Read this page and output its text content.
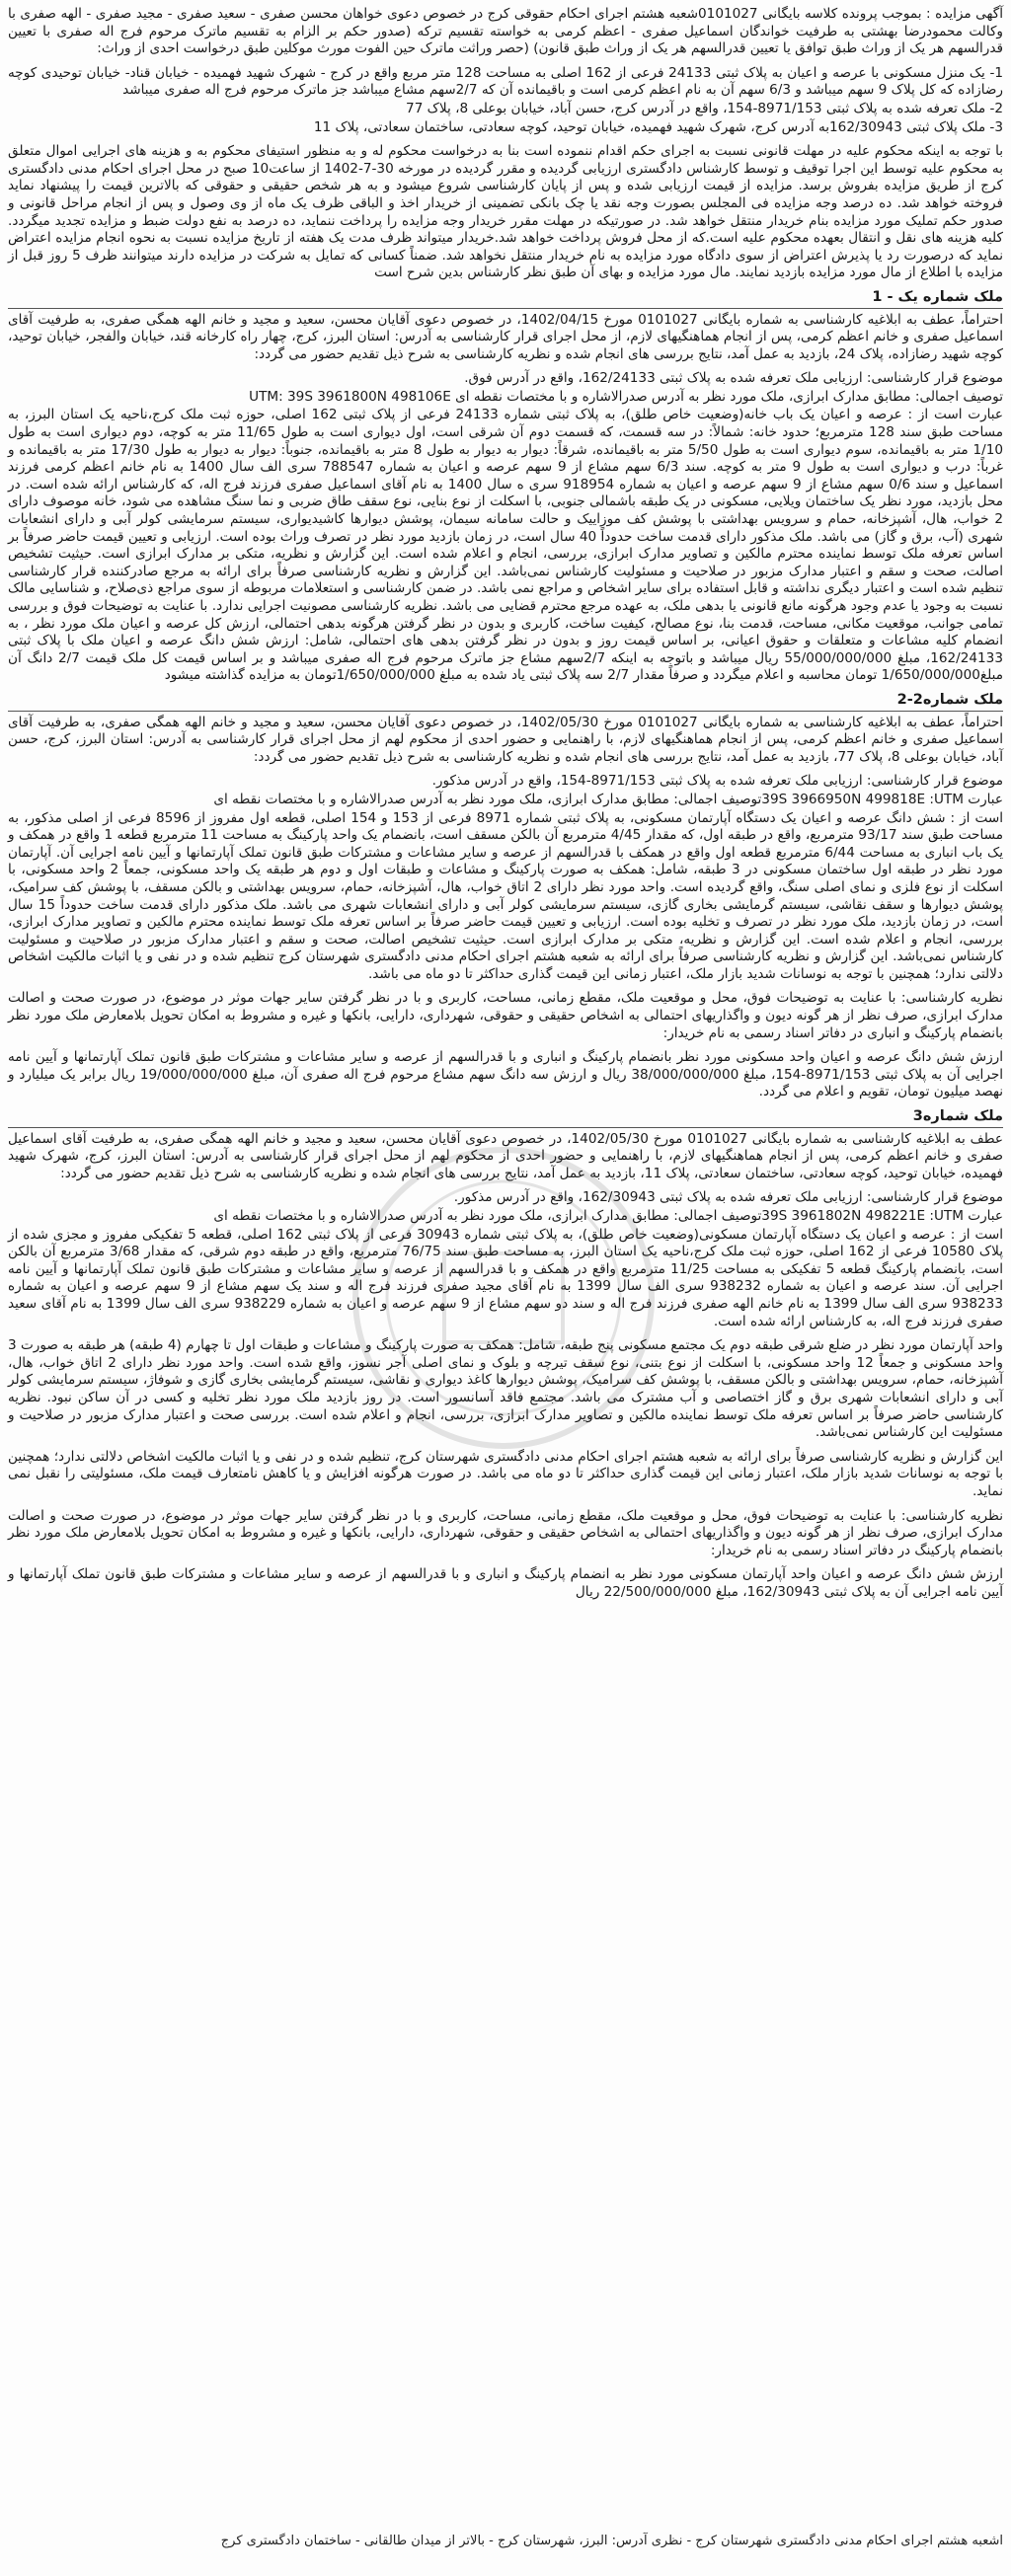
آگهی مزایده : بموجب پرونده کلاسه بایگانی 0101027شعبه هشتم اجرای احکام حقوقی کرج در خصوص دعوی خواهان محسن صفری - سعید صفری - مجید صفری - الهه صفری با وکالت محمودرضا بهشتی به طرفیت خواندگان اسماعیل صفری - اعظم کرمی به خواسته تقسیم ترکه (صدور حکم بر الزام به تقسیم ماترک مرحوم فرج اله صفری با تعیین قدرالسهم هر یک از وراث طبق توافق یا تعیین قدرالسهم هر یک از وراث طبق قانون) (حصر وراثت ماترک حین الفوت مورث موکلین طبق درخواست احدی از وراث:

1- یک منزل مسکونی با عرصه و اعیان به پلاک ثبتی 24133 فرعی از 162 اصلی به مساحت 128 متر مربع واقع در کرج - شهرک شهید فهمیده - خیابان قناد- خیابان توحیدی کوچه رضازاده که کل پلاک 9 سهم میباشد و 6/3 سهم آن به نام اعظم کرمی است و باقیمانده آن که 2/7سهم مشاع میباشد جز ماترک مرحوم فرج اله صفری میباشد

2- ملک تعرفه شده به پلاک ثبتی 8971/153-154، واقع در آدرس کرج، حسن آباد، خیابان بوعلی 8، پلاک 77

3- ملک پلاک ثبتی 162/30943به آدرس کرج، شهرک شهید فهمیده، خیابان توحید، کوچه سعادتی، ساختمان سعادتی، پلاک 11

با توجه به اینکه محکوم علیه در مهلت قانونی نسبت به اجرای حکم اقدام ننموده است بنا به درخواست محکوم له و به منظور استیفای محکوم به و هزینه های اجرایی اموال متعلق به محکوم علیه توسط این اجرا توقیف و توسط کارشناس دادگستری ارزیابی گردیده و مقرر گردیده در مورخه 30-7-1402 از ساعت10 صبح در محل اجرای احکام مدنی دادگستری کرج از طریق مزایده بفروش برسد. مزایده از قیمت ارزیابی شده و پس از پایان کارشناسی شروع میشود و به هر شخص حقیقی و حقوقی که بالاترین قیمت را پیشنهاد نماید فروخته خواهد شد. ده درصد وجه مزایده فی المجلس بصورت وجه نقد یا چک بانکی تضمینی از خریدار اخذ و الباقی ظرف یک ماه از وی وصول و پس از انجام مراحل قانونی و صدور حکم تملیک مورد مزایده بنام خریدار منتقل خواهد شد. در صورتیکه در مهلت مقرر خریدار وجه مزایده را پرداخت ننماید، ده درصد به نفع دولت ضبط و مزایده تجدید میگردد. کلیه هزینه های نقل و انتقال بعهده محکوم علیه است.که از محل فروش پرداخت خواهد شد.خریدار میتواند ظرف مدت یک هفته از تاریخ مزایده نسبت به نحوه انجام مزایده اعتراض نماید که درصورت رد یا پذیرش اعتراض از سوی دادگاه مورد مزایده به نام خریدار منتقل نخواهد شد. ضمناً کسانی که تمایل به شرکت در مزایده دارند میتوانند ظرف 5 روز قبل از مزایده با اطلاع از مال مورد مزایده بازدید نمایند. مال مورد مزایده و بهای آن طبق نظر کارشناس بدین شرح است

ملک شماره یک - 1

احتراماً، عطف به ابلاغیه کارشناسی به شماره بایگانی 0101027 مورخ 1402/04/15، در خصوص دعوی آقایان محسن، سعید و مجید و خانم الهه همگی صفری، به طرفیت آقای اسماعیل صفری و خانم اعظم کرمی، پس از انجام هماهنگیهای لازم، از محل اجرای قرار کارشناسی به آدرس: استان البرز، کرج، چهار راه کارخانه قند، خیابان والفجر، خیابان توحید، کوچه شهید رضازاده، پلاک 24، بازدید به عمل آمد، نتایج بررسی های انجام شده و نظریه کارشناسی به شرح ذیل تقدیم حضور می گردد:

موضوع قرار کارشناسی: ارزیابی ملک تعرفه شده به پلاک ثبتی 162/24133، واقع در آدرس فوق.

توصیف اجمالی: مطابق مدارک ابرازی، ملک مورد نظر به آدرس صدرالاشاره و با مختصات نقطه ای UTM: 39S 3961800N 498106E

عبارت است از : عرصه و اعیان یک باب خانه(وضعیت خاص طلق)، به پلاک ثبتی شماره 24133 فرعی از پلاک ثبتی 162 اصلی، حوزه ثبت ملک کرج،ناحیه یک استان البرز، به مساحت طبق سند 128 مترمربع؛ حدود خانه: شمالاً: در سه قسمت، که قسمت دوم آن شرقی است، اول دیواری است به طول 11/65 متر به کوچه، دوم دیواری است به طول 1/10 متر به باقیمانده، سوم دیواری است به طول 5/50 متر به باقیمانده، شرقاً: دیوار به دیوار به طول 8 متر به باقیمانده، جنوباً: دیوار به دیوار به طول 17/30 متر به باقیمانده و غرباً: درب و دیواری است به طول 9 متر به کوچه. سند 6/3 سهم مشاع از 9 سهم عرصه و اعیان به شماره 788547 سری الف سال 1400 به نام خانم اعظم کرمی فرزند اسماعیل و سند 0/6 سهم مشاع از 9 سهم عرصه و اعیان به شماره 918954 سری ه سال 1400 به نام آقای اسماعیل صفری فرزند فرج اله، که کارشناس ارائه شده است. در محل بازدید، مورد نظر یک ساختمان ویلایی، مسکونی در یک طبقه باشمالی جنوبی، با اسکلت از نوع بنایی، نوع سقف طاق ضربی و نما سنگ مشاهده می شود، خانه موصوف دارای 2 خواب، هال، آشپزخانه، حمام و سرویس بهداشتی با پوشش کف موزاییک و حالت سامانه سیمان، پوشش دیوارها کاشیدیواری، سیستم سرمایشی کولر آبی و دارای انشعابات شهری (آب، برق و گاز) می باشد. ملک مذکور دارای قدمت ساخت حدوداً 40 سال است، در زمان بازدید مورد نظر در تصرف وراث بوده است. ارزیابی و تعیین قیمت حاضر صرفاً بر اساس تعرفه ملک توسط نماینده محترم مالکین و تصاویر مدارک ابرازی، بررسی، انجام و اعلام شده است. این گزارش و نظریه، متکی بر مدارک ابرازی است. حیثیت تشخیص اصالت، صحت و سقم و اعتبار مدارک مزبور در صلاحیت و مسئولیت کارشناس نمی‌باشد. این گزارش و نظریه کارشناسی صرفاً برای ارائه به مرجع صادرکننده قرار کارشناسی تنظیم شده است و اعتبار دیگری نداشته و قابل استفاده برای سایر اشخاص و مراجع نمی باشد. در ضمن کارشناسی و استعلامات مربوطه از سوی مراجع ذی‌صلاح، و شناسایی مالک نسبت به وجود یا عدم وجود هرگونه مانع قانونی یا بدهی ملک، به عهده مرجع محترم قضایی می باشد. نظریه کارشناسی مصونیت اجرایی ندارد. با عنایت به توضیحات فوق و بررسی تمامی جوانب، موقعیت مکانی، مساحت، قدمت بنا، نوع مصالح، کیفیت ساخت، کاربری و بدون در نظر گرفتن هرگونه بدهی احتمالی، ارزش کل عرصه و اعیان ملک مورد نظر ، به انضمام کلیه مشاعات و متعلقات و حقوق اعیانی، بر اساس قیمت روز و بدون در نظر گرفتن بدهی های احتمالی، شامل: ارزش شش دانگ عرصه و اعیان ملک با پلاک ثبتی 162/24133، مبلغ 55/000/000/000 ریال میباشد و باتوجه به اینکه 2/7سهم مشاع جز ماترک مرحوم فرج اله صفری میباشد و بر اساس قیمت کل ملک قیمت 2/7 دانگ آن مبلغ1/650/000/000 تومان محاسبه و اعلام میگردد و صرفاً مقدار 2/7 سه پلاک ثبتی یاد شده به مبلغ 1/650/000/000تومان به مزایده گذاشته میشود

ملک شماره2-2

احتراماً، عطف به ابلاغیه کارشناسی به شماره بایگانی 0101027 مورخ 1402/05/30، در خصوص دعوی آقایان محسن، سعید و مجید و خانم الهه همگی صفری، به طرفیت آقای اسماعیل صفری و خانم اعظم کرمی، پس از انجام هماهنگیهای لازم، با راهنمایی و حضور احدی از محکوم لهم از محل اجرای قرار کارشناسی به آدرس: استان البرز، کرج، حسن آباد، خیابان بوعلی 8، پلاک 77، بازدید به عمل آمد، نتایج بررسی های انجام شده و نظریه کارشناسی به شرح ذیل تقدیم حضور می گردد:

موضوع قرار کارشناسی: ارزیابی ملک تعرفه شده به پلاک ثبتی 8971/153-154، واقع در آدرس مذکور.

عبارت 39S 3966950N 499818E :UTMتوصیف اجمالی: مطابق مدارک ابرازی، ملک مورد نظر به آدرس صدرالاشاره و با مختصات نقطه ای

است از : شش دانگ عرصه و اعیان یک دستگاه آپارتمان مسکونی، به پلاک ثبتی شماره 8971 فرعی از 153 و 154 اصلی، قطعه اول مفروز از 8596 فرعی از اصلی مذکور، به مساحت طبق سند 93/17 مترمربع، واقع در طبقه اول، که مقدار 4/45 مترمربع آن بالکن مسقف است، بانضمام یک واحد پارکینگ به مساحت 11 مترمربع قطعه 1 واقع در همکف و یک باب انباری به مساحت 6/44 مترمربع قطعه اول واقع در همکف با قدرالسهم از عرصه و سایر مشاعات و مشترکات طبق قانون تملک آپارتمانها و آیین نامه اجرایی آن. آپارتمان مورد نظر در طبقه اول ساختمان مسکونی در 3 طبقه، شامل: همکف به صورت پارکینگ و مشاعات و طبقات اول و دوم هر طبقه یک واحد مسکونی، جمعاً 2 واحد مسکونی، با اسکلت از نوع فلزی و نمای اصلی سنگ، واقع گردیده است. واحد مورد نظر دارای 2 اتاق خواب، هال، آشپزخانه، حمام، سرویس بهداشتی و بالکن مسقف، با پوشش کف سرامیک، پوشش دیوارها و سقف نقاشی، سیستم گرمایشی بخاری گازی، سیستم سرمایشی کولر آبی و دارای انشعابات شهری می باشد. ملک مذکور دارای قدمت ساخت حدوداً 15 سال است، در زمان بازدید، ملک مورد نظر در تصرف و تخلیه بوده است. ارزیابی و تعیین قیمت حاضر صرفاً بر اساس تعرفه ملک توسط نماینده محترم مالکین و تصاویر مدارک ابرازی، بررسی، انجام و اعلام شده است. این گزارش و نظریه، متکی بر مدارک ابرازی است. حیثیت تشخیص اصالت، صحت و سقم و اعتبار مدارک مزبور در صلاحیت و مسئولیت کارشناس نمی‌باشد. این گزارش و نظریه کارشناسی صرفاً برای ارائه به شعبه هشتم اجرای احکام مدنی دادگستری شهرستان کرج تنظیم شده و در نفی و یا اثبات مالکیت اشخاص دلالتی ندارد؛ همچنین با توجه به نوسانات شدید بازار ملک، اعتبار زمانی این قیمت گذاری حداکثر تا دو ماه می باشد.

نظریه کارشناسی: با عنایت به توضیحات فوق، محل و موقعیت ملک، مقطع زمانی، مساحت، کاربری و با در نظر گرفتن سایر جهات موثر در موضوع، در صورت صحت و اصالت مدارک ابرازی، صرف نظر از هر گونه دیون و واگذاریهای احتمالی به اشخاص حقیقی و حقوقی، شهرداری، دارایی، بانکها و غیره و مشروط به امکان تحویل بلامعارض ملک مورد نظر بانضمام پارکینگ و انباری در دفاتر اسناد رسمی به نام خریدار:

ارزش شش دانگ عرصه و اعیان واحد مسکونی مورد نظر بانضمام پارکینگ و انباری و با قدرالسهم از عرصه و سایر مشاعات و مشترکات طبق قانون تملک آپارتمانها و آیین نامه اجرایی آن به پلاک ثبتی 8971/153-154، مبلغ 38/000/000/000 ریال و ارزش سه دانگ سهم مشاع مرحوم فرج اله صفری آن، مبلغ 19/000/000/000 ریال برابر یک میلیارد و نهصد میلیون تومان، تقویم و اعلام می گردد.

ملک شماره3

عطف به ابلاغیه کارشناسی به شماره بایگانی 0101027 مورخ 1402/05/30، در خصوص دعوی آقایان محسن، سعید و مجید و خانم الهه همگی صفری، به طرفیت آقای اسماعیل صفری و خانم اعظم کرمی، پس از انجام هماهنگیهای لازم، با راهنمایی و حضور احدی از محکوم لهم از محل اجرای قرار کارشناسی به آدرس: استان البرز، کرج، شهرک شهید فهمیده، خیابان توحید، کوچه سعادتی، ساختمان سعادتی، پلاک 11، بازدید به عمل آمد، نتایج بررسی های انجام شده و نظریه کارشناسی به شرح ذیل تقدیم حضور می گردد:

موضوع قرار کارشناسی: ارزیابی ملک تعرفه شده به پلاک ثبتی 162/30943، واقع در آدرس مذکور.

عبارت 39S 3961802N 498221E :UTMتوصیف اجمالی: مطابق مدارک ابرازی، ملک مورد نظر به آدرس صدرالاشاره و با مختصات نقطه ای

است از : عرصه و اعیان یک دستگاه آپارتمان مسکونی(وضعیت خاص طلق)، به پلاک ثبتی شماره 30943 فرعی از پلاک ثبتی 162 اصلی، قطعه 5 تفکیکی مفروز و مجزی شده از پلاک 10580 فرعی از 162 اصلی، حوزه ثبت ملک کرج،ناحیه یک استان البرز، به مساحت طبق سند 76/75 مترمربع، واقع در طبقه دوم شرقی، که مقدار 3/68 مترمربع آن بالکن است، بانضمام پارکینگ قطعه 5 تفکیکی به مساحت 11/25 مترمربع واقع در همکف و با قدرالسهم از عرصه و سایر مشاعات و مشترکات طبق قانون تملک آپارتمانها و آیین نامه اجرایی آن. سند عرصه و اعیان به شماره 938232 سری الف سال 1399 به نام آقای مجید صفری فرزند فرج اله و سند یک سهم مشاع از 9 سهم عرصه و اعیان به شماره 938233 سری الف سال 1399 به نام خانم الهه صفری فرزند فرج اله و سند دو سهم مشاع از 9 سهم عرصه و اعیان به شماره 938229 سری الف سال 1399 به نام آقای سعید صفری فرزند فرج اله، به کارشناس ارائه شده است.

واحد آپارتمان مورد نظر در ضلع شرقی طبقه دوم یک مجتمع مسکونی پنج طبقه، شامل: همکف به صورت پارکینگ و مشاعات و طبقات اول تا چهارم (4 طبقه) هر طبقه به صورت 3 واحد مسکونی و جمعاً 12 واحد مسکونی، با اسکلت از نوع بتنی، نوع سقف تیرچه و بلوک و نمای اصلی آجر نسوز، واقع شده است. واحد مورد نظر دارای 2 اتاق خواب، هال، آشپزخانه، حمام، سرویس بهداشتی و بالکن مسقف، با پوشش کف سرامیک، پوشش دیوارها کاغذ دیواری و نقاشی، سیستم گرمایشی بخاری گازی و شوفاژ، سیستم سرمایشی کولر آبی و دارای انشعابات شهری برق و گاز اختصاصی و آب مشترک می باشد. مجتمع فاقد آسانسور است. در روز بازدید ملک مورد نظر تخلیه و کسی در آن ساکن نبود. نظریه کارشناسی حاضر صرفاً بر اساس تعرفه ملک توسط نماینده مالکین و تصاویر مدارک ابرازی، بررسی، انجام و اعلام شده است. بررسی صحت و اعتبار مدارک مزبور در صلاحیت و مسئولیت این کارشناس نمی‌باشد.

این گزارش و نظریه کارشناسی صرفاً برای ارائه به شعبه هشتم اجرای احکام مدنی دادگستری شهرستان کرج، تنظیم شده و در نفی و یا اثبات مالکیت اشخاص دلالتی ندارد؛ همچنین با توجه به نوسانات شدید بازار ملک، اعتبار زمانی این قیمت گذاری حداکثر تا دو ماه می باشد. در صورت هرگونه افزایش و یا کاهش نامتعارف قیمت ملک، مسئولیتی را نقبل نمی نماید.

نظریه کارشناسی: با عنایت به توضیحات فوق، محل و موقعیت ملک، مقطع زمانی، مساحت، کاربری و با در نظر گرفتن سایر جهات موثر در موضوع، در صورت صحت و اصالت مدارک ابرازی، صرف نظر از هر گونه دیون و واگذاریهای احتمالی به اشخاص حقیقی و حقوقی، شهرداری، دارایی، بانکها و غیره و مشروط به امکان تحویل بلامعارض ملک مورد نظر بانضمام پارکینگ در دفاتر اسناد رسمی به نام خریدار:

ارزش شش دانگ عرصه و اعیان واحد آپارتمان مسکونی مورد نظر به انضمام پارکینگ و انباری و با قدرالسهم از عرصه و سایر مشاعات و مشترکات طبق قانون تملک آپارتمانها و آیین نامه اجرایی آن به پلاک ثبتی 162/30943، مبلغ 22/500/000/000 ریال

اشعبه هشتم اجرای احکام مدنی دادگستری شهرستان کرج - نظری آدرس: البرز، شهرستان کرج - بالاتر از میدان طالقانی - ساختمان دادگستری کرج
